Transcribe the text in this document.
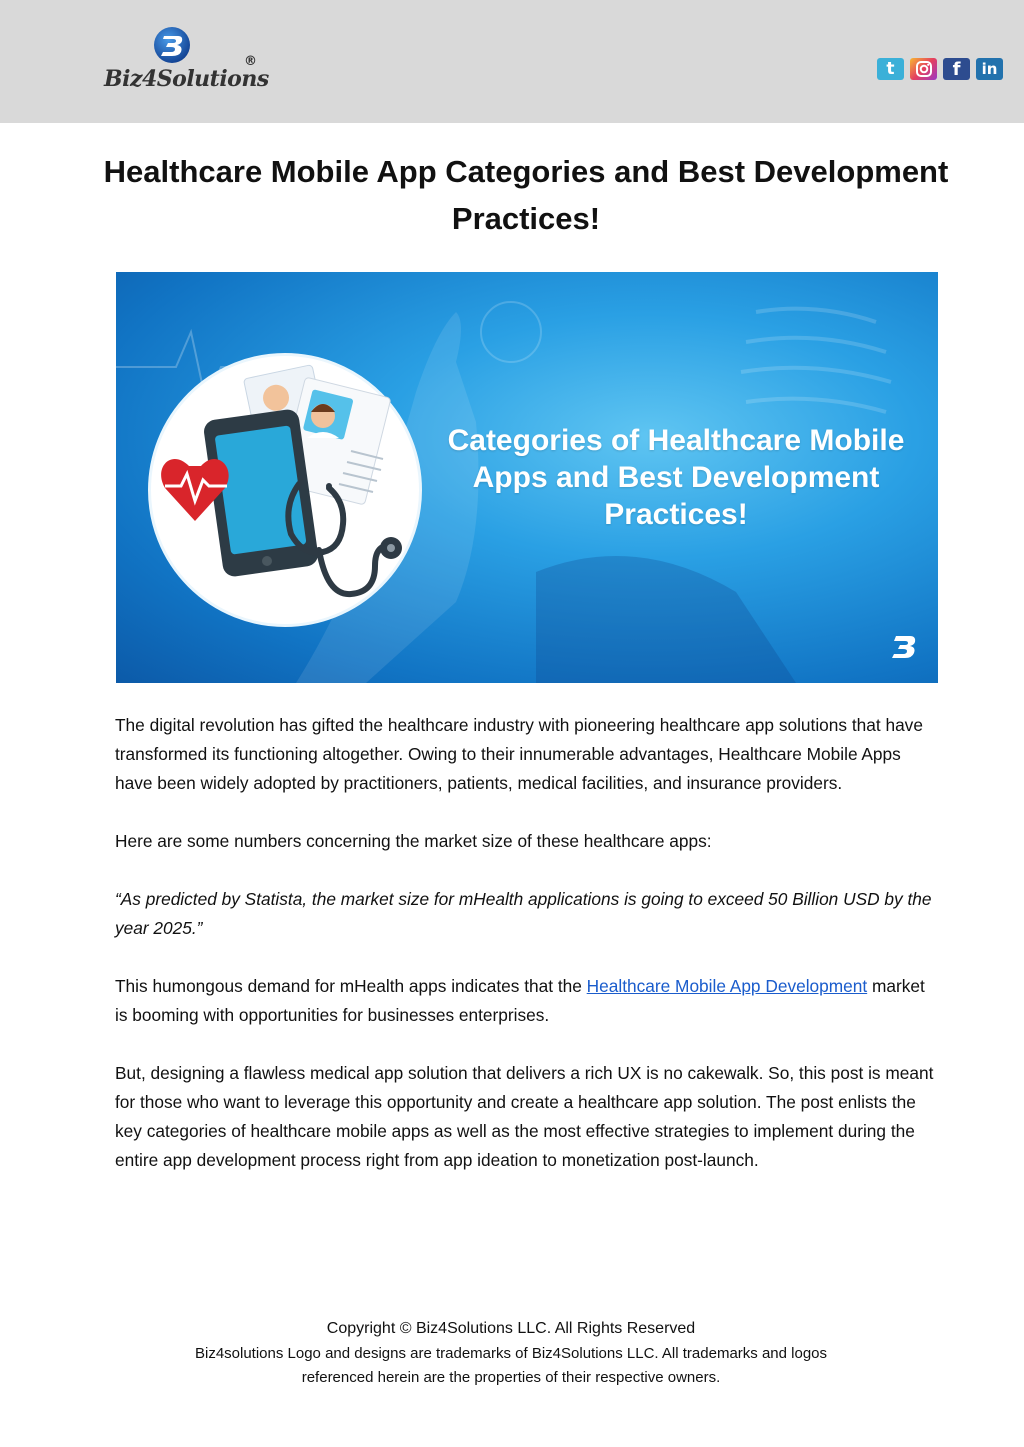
Biz4Solutions
®	t	f	in
Healthcare Mobile App Categories and Best Development Practices!
Categories of Healthcare Mobile Apps and Best Development Practices!

The digital revolution has gifted the healthcare industry with pioneering healthcare app solutions that have transformed its functioning altogether. Owing to their innumerable advantages, Healthcare Mobile Apps have been widely adopted by practitioners, patients, medical facilities, and insurance providers.

Here are some numbers concerning the market size of these healthcare apps:

“As predicted by Statista, the market size for mHealth applications is going to exceed 50 Billion USD by the year 2025.”

This humongous demand for mHealth apps indicates that the Healthcare Mobile App Development market is booming with opportunities for businesses enterprises.

But, designing a flawless medical app solution that delivers a rich UX is no cakewalk. So, this post is meant for those who want to leverage this opportunity and create a healthcare app solution. The post enlists the key categories of healthcare mobile apps as well as the most effective strategies to implement during the entire app development process right from app ideation to monetization post-launch.

Copyright © Biz4Solutions LLC. All Rights Reserved
Biz4solutions Logo and designs are trademarks of Biz4Solutions LLC. All trademarks and logos
referenced herein are the properties of their respective owners.
